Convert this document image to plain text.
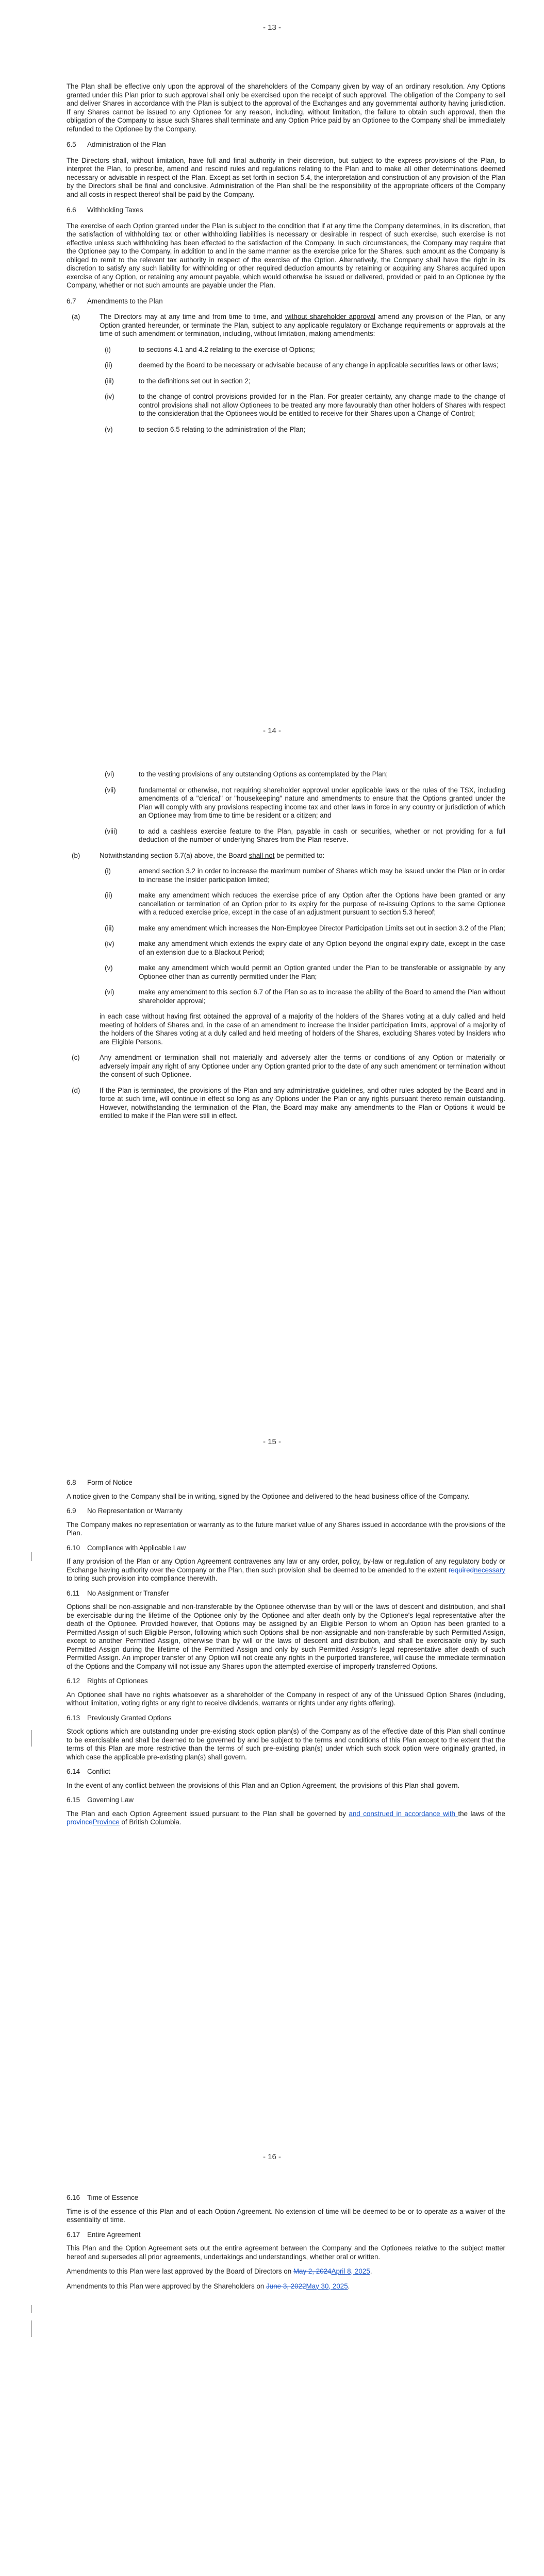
- 13 -

The Plan shall be effective only upon the approval of the shareholders of the Company given by way of an ordinary resolution. Any Options granted under this Plan prior to such approval shall only be exercised upon the receipt of such approval. The obligation of the Company to sell and deliver Shares in accordance with the Plan is subject to the approval of the Exchanges and any governmental authority having jurisdiction. If any Shares cannot be issued to any Optionee for any reason, including, without limitation, the failure to obtain such approval, then the obligation of the Company to issue such Shares shall terminate and any Option Price paid by an Optionee to the Company shall be immediately refunded to the Optionee by the Company.

6.5 Administration of the Plan

The Directors shall, without limitation, have full and final authority in their discretion, but subject to the express provisions of the Plan, to interpret the Plan, to prescribe, amend and rescind rules and regulations relating to the Plan and to make all other determinations deemed necessary or advisable in respect of the Plan. Except as set forth in section 5.4, the interpretation and construction of any provision of the Plan by the Directors shall be final and conclusive. Administration of the Plan shall be the responsibility of the appropriate officers of the Company and all costs in respect thereof shall be paid by the Company.

6.6 Withholding Taxes

The exercise of each Option granted under the Plan is subject to the condition that if at any time the Company determines, in its discretion, that the satisfaction of withholding tax or other withholding liabilities is necessary or desirable in respect of such exercise, such exercise is not effective unless such withholding has been effected to the satisfaction of the Company. In such circumstances, the Company may require that the Optionee pay to the Company, in addition to and in the same manner as the exercise price for the Shares, such amount as the Company is obliged to remit to the relevant tax authority in respect of the exercise of the Option. Alternatively, the Company shall have the right in its discretion to satisfy any such liability for withholding or other required deduction amounts by retaining or acquiring any Shares acquired upon exercise of any Option, or retaining any amount payable, which would otherwise be issued or delivered, provided or paid to an Optionee by the Company, whether or not such amounts are payable under the Plan.

6.7 Amendments to the Plan

(a)	The Directors may at any time and from time to time, and without shareholder approval amend any provision of the Plan, or any Option granted hereunder, or terminate the Plan, subject to any applicable regulatory or Exchange requirements or approvals at the time of such amendment or termination, including, without limitation, making amendments:

(i)	to sections 4.1 and 4.2 relating to the exercise of Options;

(ii)	deemed by the Board to be necessary or advisable because of any change in applicable securities laws or other laws;

(iii)	to the definitions set out in section 2;

(iv)	to the change of control provisions provided for in the Plan. For greater certainty, any change made to the change of control provisions shall not allow Optionees to be treated any more favourably than other holders of Shares with respect to the consideration that the Optionees would be entitled to receive for their Shares upon a Change of Control;

(v)	to section 6.5 relating to the administration of the Plan;

- 14 -
(vi)	to the vesting provisions of any outstanding Options as contemplated by the Plan;

(vii)	fundamental or otherwise, not requiring shareholder approval under applicable laws or the rules of the TSX, including amendments of a "clerical" or "housekeeping" nature and amendments to ensure that the Options granted under the Plan will comply with any provisions respecting income tax and other laws in force in any country or jurisdiction of which an Optionee may from time to time be resident or a citizen; and

(viii)	to add a cashless exercise feature to the Plan, payable in cash or securities, whether or not providing for a full deduction of the number of underlying Shares from the Plan reserve.

(b)	Notwithstanding section 6.7(a) above, the Board shall not be permitted to:

(i)	amend section 3.2 in order to increase the maximum number of Shares which may be issued under the Plan or in order to increase the Insider participation limited;

(ii)	make any amendment which reduces the exercise price of any Option after the Options have been granted or any cancellation or termination of an Option prior to its expiry for the purpose of re-issuing Options to the same Optionee with a reduced exercise price, except in the case of an adjustment pursuant to section 5.3 hereof;

(iii)	make any amendment which increases the Non-Employee Director Participation Limits set out in section 3.2 of the Plan;

(iv)	make any amendment which extends the expiry date of any Option beyond the original expiry date, except in the case of an extension due to a Blackout Period;

(v)	make any amendment which would permit an Option granted under the Plan to be transferable or assignable by any Optionee other than as currently permitted under the Plan;

(vi)	make any amendment to this section 6.7 of the Plan so as to increase the ability of the Board to amend the Plan without shareholder approval;

in each case without having first obtained the approval of a majority of the holders of the Shares voting at a duly called and held meeting of holders of Shares and, in the case of an amendment to increase the Insider participation limits, approval of a majority of the holders of the Shares voting at a duly called and held meeting of holders of the Shares, excluding Shares voted by Insiders who are Eligible Persons.

(c)	Any amendment or termination shall not materially and adversely alter the terms or conditions of any Option or materially or adversely impair any right of any Optionee under any Option granted prior to the date of any such amendment or termination without the consent of such Optionee.

(d)	If the Plan is terminated, the provisions of the Plan and any administrative guidelines, and other rules adopted by the Board and in force at such time, will continue in effect so long as any Options under the Plan or any rights pursuant thereto remain outstanding. However, notwithstanding the termination of the Plan, the Board may make any amendments to the Plan or Options it would be entitled to make if the Plan were still in effect.

- 15 -

6.8 Form of Notice

A notice given to the Company shall be in writing, signed by the Optionee and delivered to the head business office of the Company.

6.9 No Representation or Warranty

The Company makes no representation or warranty as to the future market value of any Shares issued in accordance with the provisions of the Plan.

6.10 Compliance with Applicable Law

If any provision of the Plan or any Option Agreement contravenes any law or any order, policy, by-law or regulation of any regulatory body or Exchange having authority over the Company or the Plan, then such provision shall be deemed to be amended to the extent requirednecessary to bring such provision into compliance therewith.

6.11 No Assignment or Transfer

Options shall be non-assignable and non-transferable by the Optionee otherwise than by will or the laws of descent and distribution, and shall be exercisable during the lifetime of the Optionee only by the Optionee and after death only by the Optionee's legal representative after the death of the Optionee. Provided however, that Options may be assigned by an Eligible Person to whom an Option has been granted to a Permitted Assign of such Eligible Person, following which such Options shall be non-assignable and non-transferable by such Permitted Assign, except to another Permitted Assign, otherwise than by will or the laws of descent and distribution, and shall be exercisable only by such Permitted Assign during the lifetime of the Permitted Assign and only by such Permitted Assign's legal representative after death of such Permitted Assign. An improper transfer of any Option will not create any rights in the purported transferee, will cause the immediate termination of the Options and the Company will not issue any Shares upon the attempted exercise of improperly transferred Options.

6.12 Rights of Optionees

An Optionee shall have no rights whatsoever as a shareholder of the Company in respect of any of the Unissued Option Shares (including, without limitation, voting rights or any right to receive dividends, warrants or rights under any rights offering).

6.13 Previously Granted Options

Stock options which are outstanding under pre-existing stock option plan(s) of the Company as of the effective date of this Plan shall continue to be exercisable and shall be deemed to be governed by and be subject to the terms and conditions of this Plan except to the extent that the terms of this Plan are more restrictive than the terms of such pre-existing plan(s) under which such stock option were originally granted, in which case the applicable pre-existing plan(s) shall govern.

6.14 Conflict

In the event of any conflict between the provisions of this Plan and an Option Agreement, the provisions of this Plan shall govern.

6.15 Governing Law

The Plan and each Option Agreement issued pursuant to the Plan shall be governed by and construed in accordance with the laws of the provinceProvince of British Columbia.

- 16 -

6.16 Time of Essence

Time is of the essence of this Plan and of each Option Agreement. No extension of time will be deemed to be or to operate as a waiver of the essentiality of time.

6.17 Entire Agreement

This Plan and the Option Agreement sets out the entire agreement between the Company and the Optionees relative to the subject matter hereof and supersedes all prior agreements, undertakings and understandings, whether oral or written.

Amendments to this Plan were last approved by the Board of Directors on May 2, 2024April 8, 2025.

Amendments to this Plan were approved by the Shareholders on June 3, 2022May 30, 2025.
